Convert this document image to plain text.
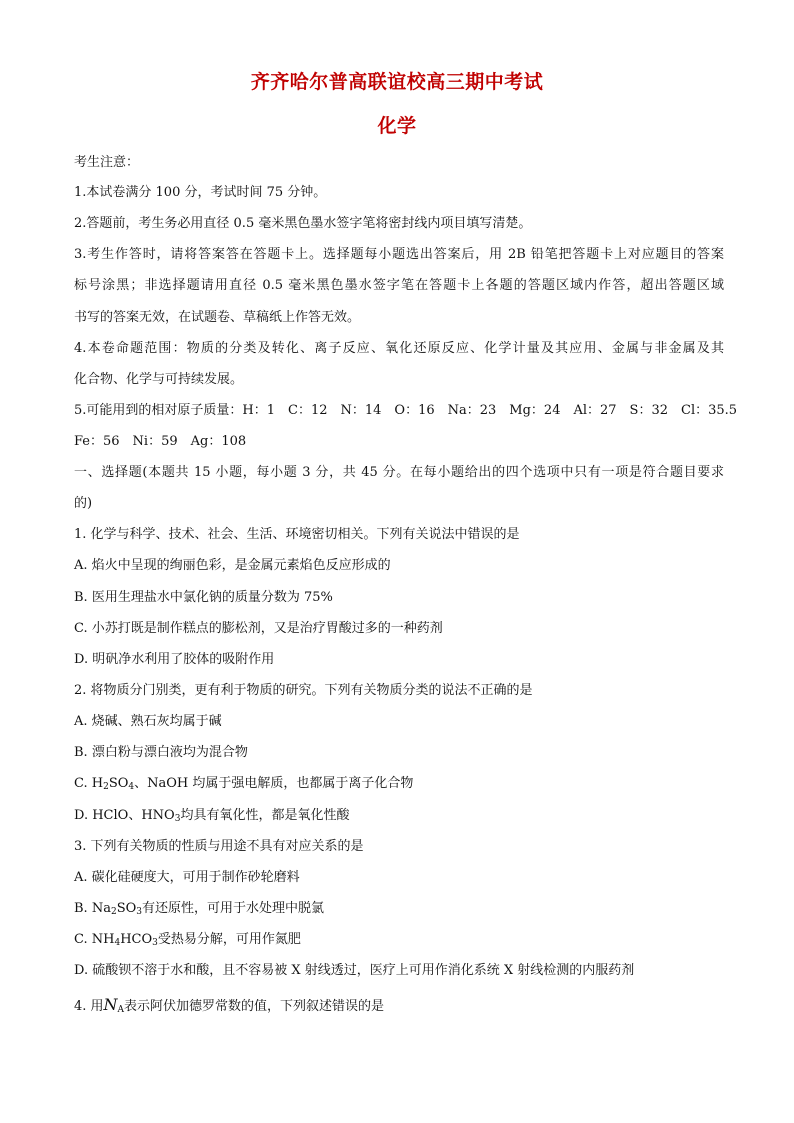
齐齐哈尔普高联谊校高三期中考试
化学
考生注意：
1.本试卷满分 100 分，考试时间 75 分钟。
2.答题前，考生务必用直径 0.5 毫米黑色墨水签字笔将密封线内项目填写清楚。
3.考生作答时，请将答案答在答题卡上。选择题每小题选出答案后，用 2B 铅笔把答题卡上对应题目的答案
标号涂黑；非选择题请用直径 0.5 毫米黑色墨水签字笔在答题卡上各题的答题区域内作答，超出答题区域
书写的答案无效，在试题卷、草稿纸上作答无效。
4.本卷命题范围：物质的分类及转化、离子反应、氧化还原反应、化学计量及其应用、金属与非金属及其
化合物、化学与可持续发展。
5.可能用到的相对原子质量：H：1　C：12　N：14　O：16　Na：23　Mg：24　Al：27　S：32　Cl：35.5
Fe：56　Ni：59　Ag：108
一、选择题(本题共 15 小题，每小题 3 分，共 45 分。在每小题给出的四个选项中只有一项是符合题目要求
的)
1. 化学与科学、技术、社会、生活、环境密切相关。下列有关说法中错误的是
A. 焰火中呈现的绚丽色彩，是金属元素焰色反应形成的
B. 医用生理盐水中氯化钠的质量分数为 75%
C. 小苏打既是制作糕点的膨松剂，又是治疗胃酸过多的一种药剂
D. 明矾净水利用了胶体的吸附作用
2. 将物质分门别类，更有利于物质的研究。下列有关物质分类的说法不正确的是
A. 烧碱、熟石灰均属于碱
B. 漂白粉与漂白液均为混合物
C. $H_2SO_4$、NaOH 均属于强电解质，也都属于离子化合物
D. HClO、$HNO_3$均具有氧化性，都是氧化性酸
3. 下列有关物质的性质与用途不具有对应关系的是
A. 碳化硅硬度大，可用于制作砂轮磨料
B. $Na_2SO_3$有还原性，可用于水处理中脱氯
C. $NH_4HCO_3$受热易分解，可用作氮肥
D. 硫酸钡不溶于水和酸，且不容易被 X 射线透过，医疗上可用作消化系统 X 射线检测的内服药剂
4. 用$N_A$表示阿伏加德罗常数的值，下列叙述错误的是
